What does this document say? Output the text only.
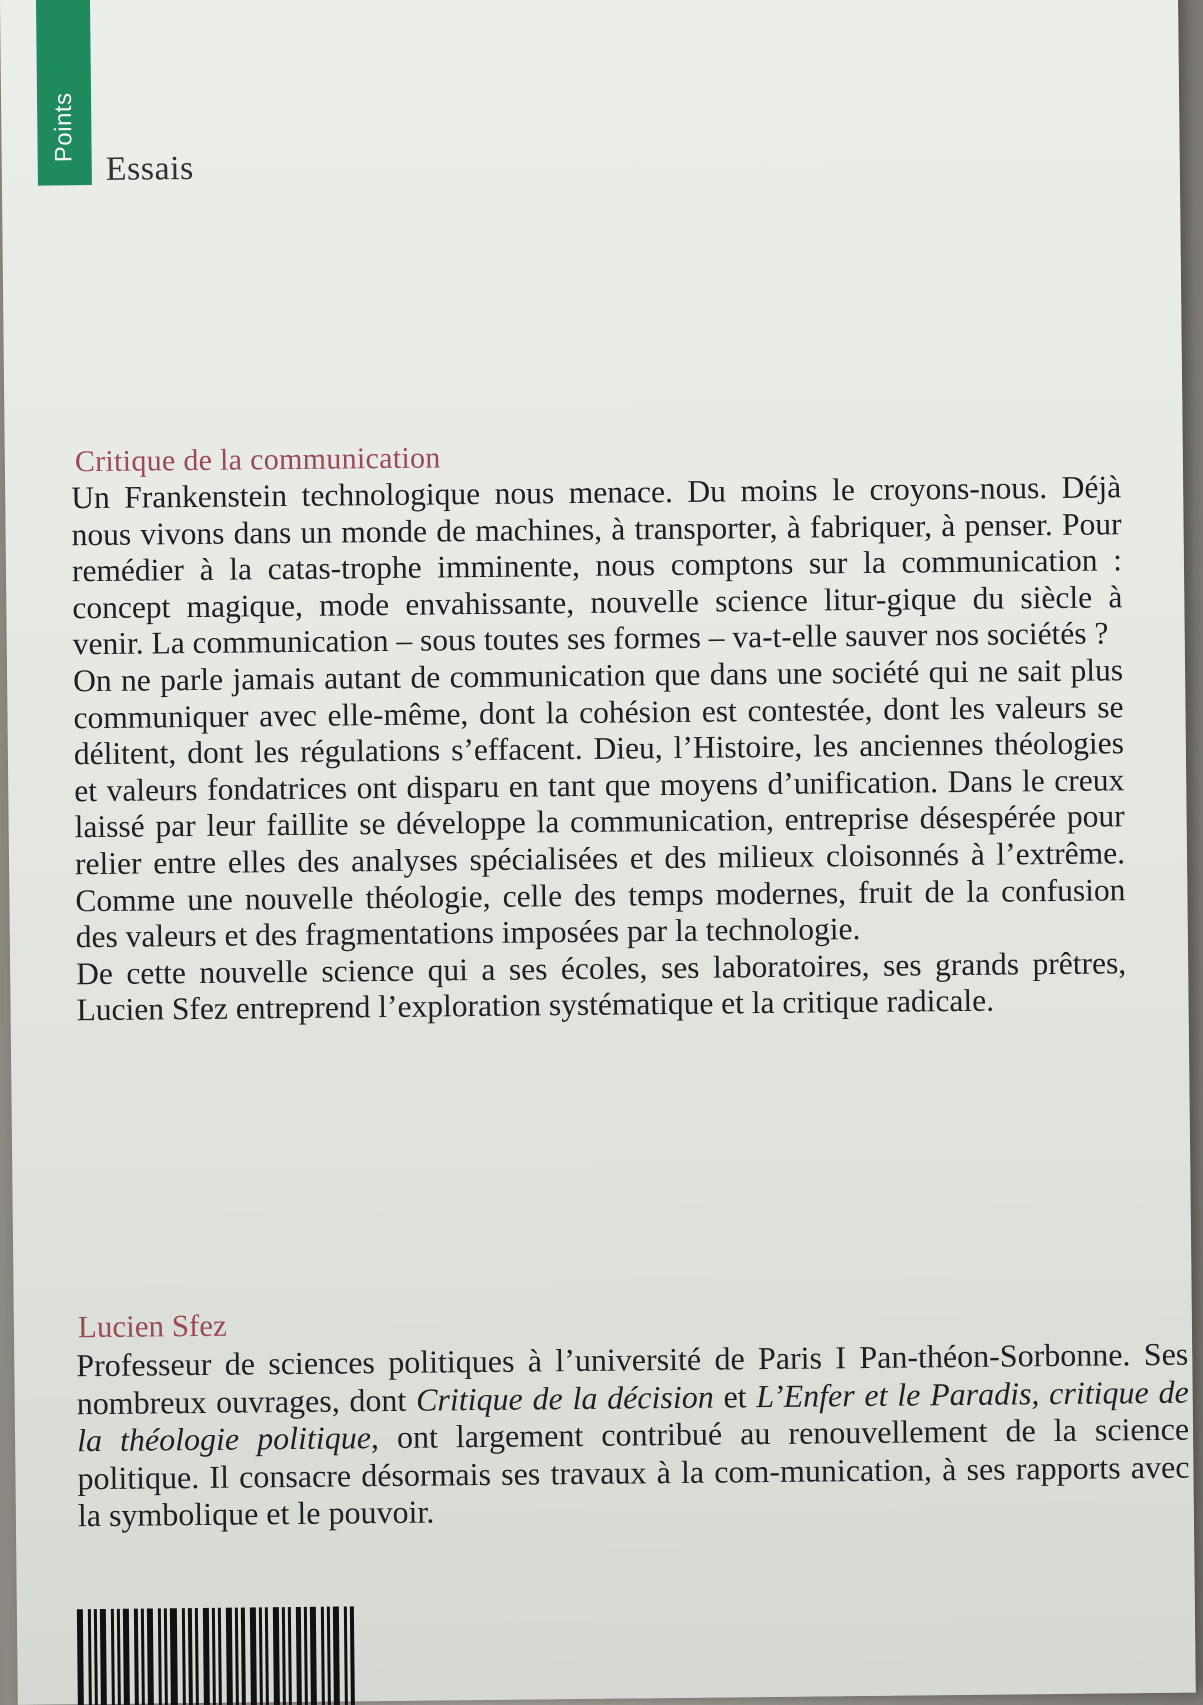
Points
Essais
Critique de la communication

Un Frankenstein technologique nous menace. Du moins le croyons-nous. Déjà nous vivons dans un monde de machines, à transporter, à fabriquer, à penser. Pour remédier à la catas-trophe imminente, nous comptons sur la communication : concept magique, mode envahissante, nouvelle science litur-gique du siècle à venir. La communication – sous toutes ses formes – va-t-elle sauver nos sociétés ?

On ne parle jamais autant de communication que dans une société qui ne sait plus communiquer avec elle-même, dont la cohésion est contestée, dont les valeurs se délitent, dont les régulations s’effacent. Dieu, l’Histoire, les anciennes théologies et valeurs fondatrices ont disparu en tant que moyens d’unification. Dans le creux laissé par leur faillite se développe la communication, entreprise désespérée pour relier entre elles des analyses spécialisées et des milieux cloisonnés à l’extrême. Comme une nouvelle théologie, celle des temps modernes, fruit de la confusion des valeurs et des fragmentations imposées par la technologie.

De cette nouvelle science qui a ses écoles, ses laboratoires, ses grands prêtres, Lucien Sfez entreprend l’exploration systématique et la critique radicale.

Lucien Sfez

Professeur de sciences politiques à l’université de Paris I Pan-théon-Sorbonne. Ses nombreux ouvrages, dont Critique de la décision et L’Enfer et le Paradis, critique de la théologie politique, ont largement contribué au renouvellement de la science politique. Il consacre désormais ses travaux à la com-munication, à ses rapports avec la symbolique et le pouvoir.
